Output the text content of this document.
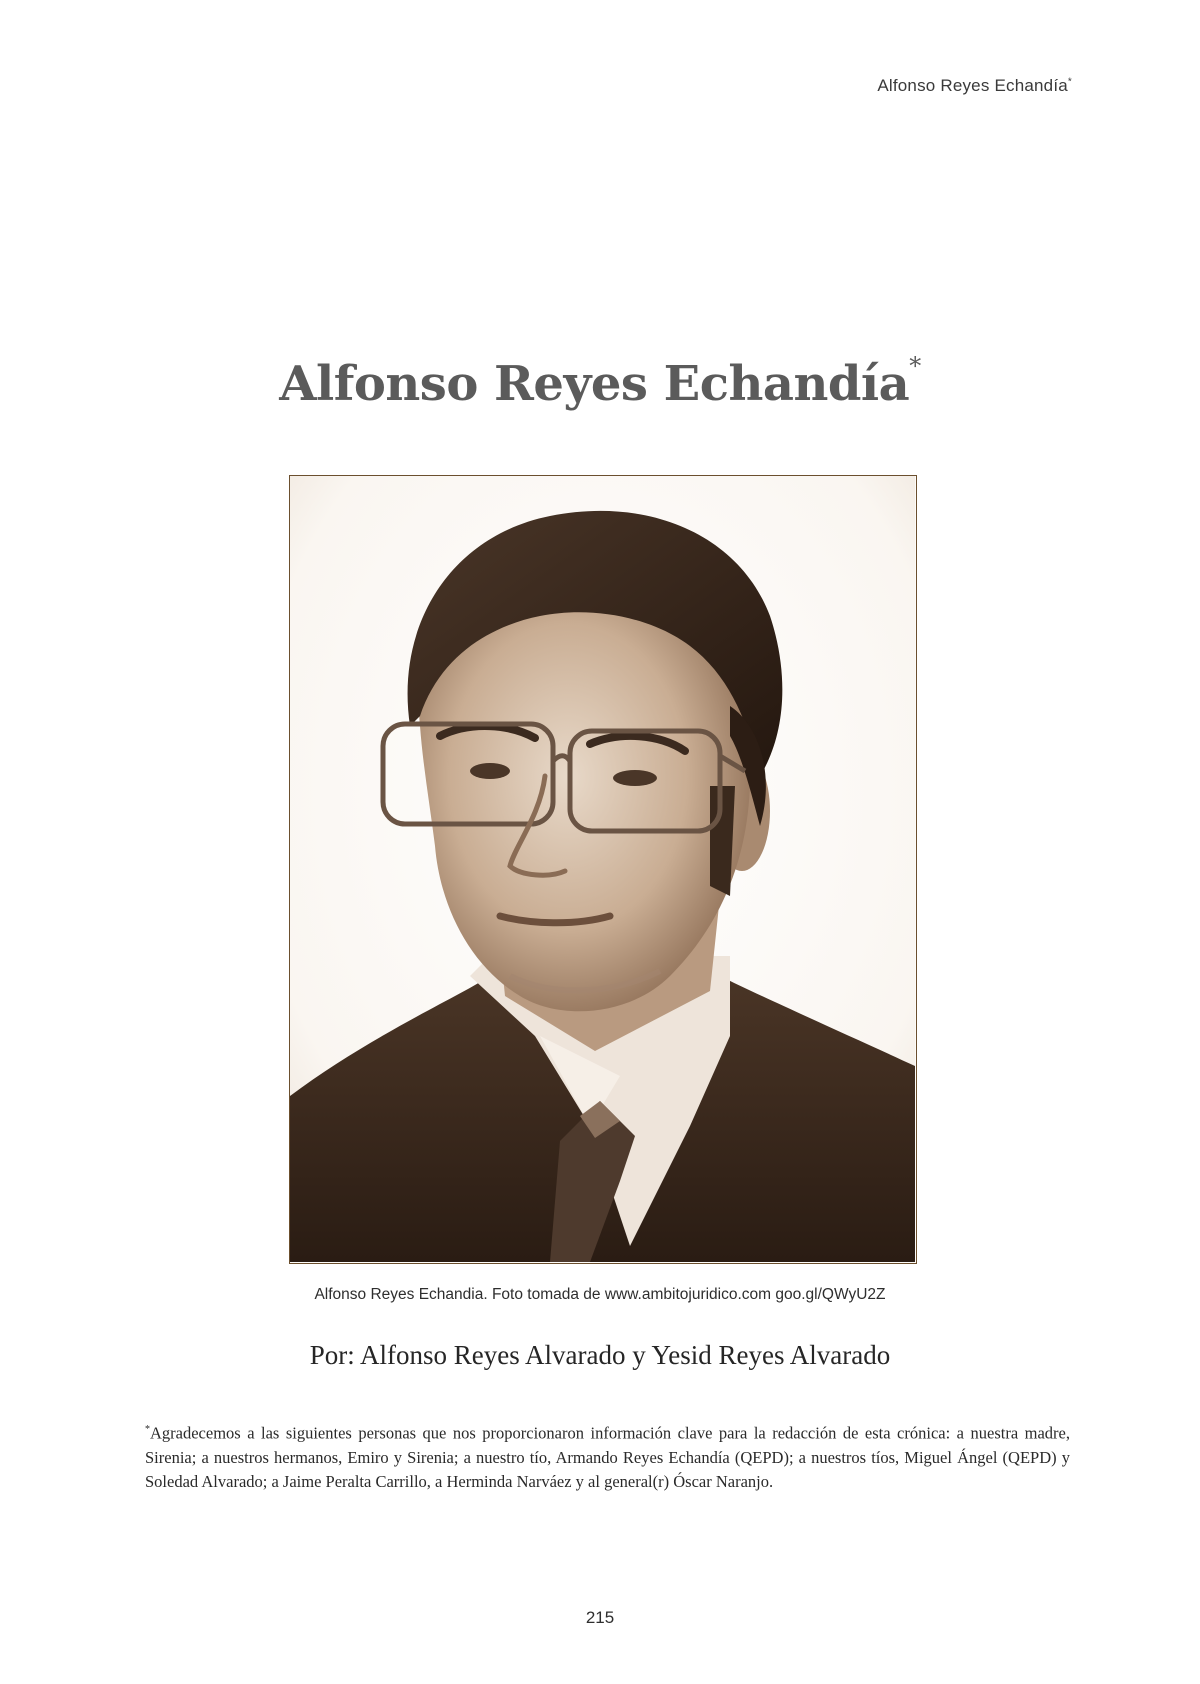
Alfonso Reyes Echandía*
Alfonso Reyes Echandía*
Alfonso Reyes Echandia. Foto tomada de www.ambitojuridico.com goo.gl/QWyU2Z
Por: Alfonso Reyes Alvarado y Yesid Reyes Alvarado

*Agradecemos a las siguientes personas que nos proporcionaron información clave para la redacción de esta crónica: a nuestra madre, Sirenia; a nuestros hermanos, Emiro y Sirenia; a nuestro tío, Armando Reyes Echandía (QEPD); a nuestros tíos, Miguel Ángel (QEPD) y Soledad Alvarado; a Jaime Peralta Carrillo, a Herminda Narváez y al general(r) Óscar Naranjo.

215
